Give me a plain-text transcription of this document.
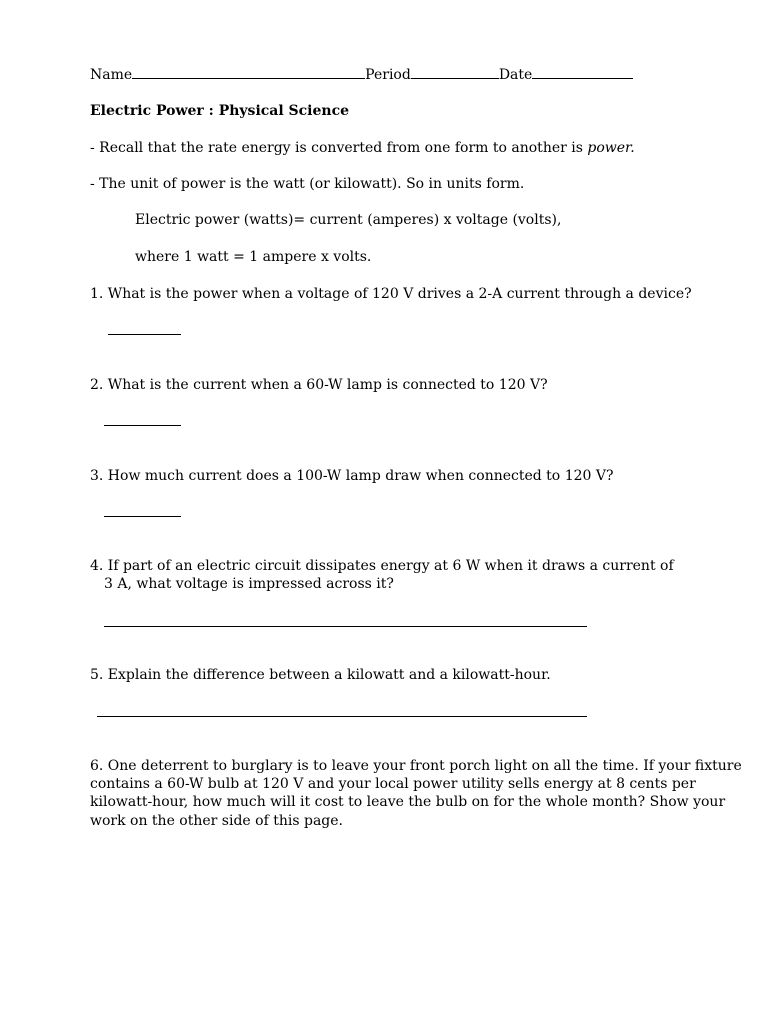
Name	Period	Date
Electric Power : Physical Science
- Recall that the rate energy is converted from one form to another is power.
- The unit of power is the watt (or kilowatt). So in units form.
Electric power (watts)= current (amperes) x voltage (volts),
where 1 watt = 1 ampere x volts.
1. What is the power when a voltage of 120 V drives a 2-A current through a device?
2. What is the current when a 60-W lamp is connected to 120 V?
3. How much current does a 100-W lamp draw when connected to 120 V?
4. If part of an electric circuit dissipates energy at 6 W when it draws a current of
3 A, what voltage is impressed across it?
5. Explain the difference between a kilowatt and a kilowatt-hour.
6. One deterrent to burglary is to leave your front porch light on all the time. If your fixture
contains a 60-W bulb at 120 V and your local power utility sells energy at 8 cents per
kilowatt-hour, how much will it cost to leave the bulb on for the whole month? Show your
work on the other side of this page.
